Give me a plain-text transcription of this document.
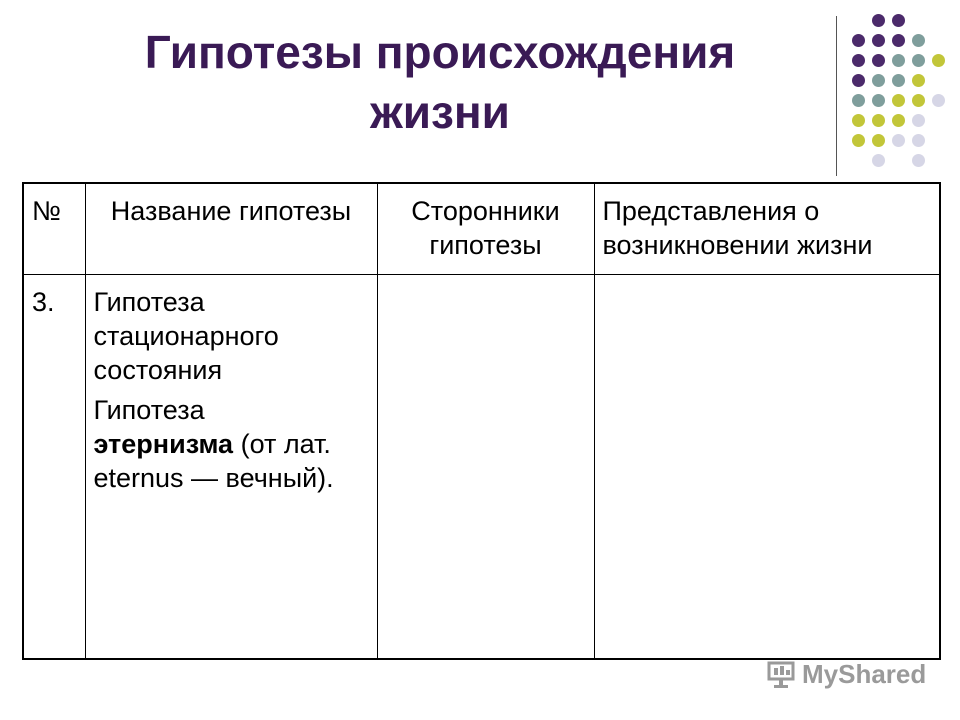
Гипотезы происхождения
жизни
№	Название гипотезы	Сторонники гипотезы	Представления о возникновении жизни
3.	Гипотеза стационарного состояния

Гипотеза
этернизма (от лат. eternus — вечный).		

MyShared
